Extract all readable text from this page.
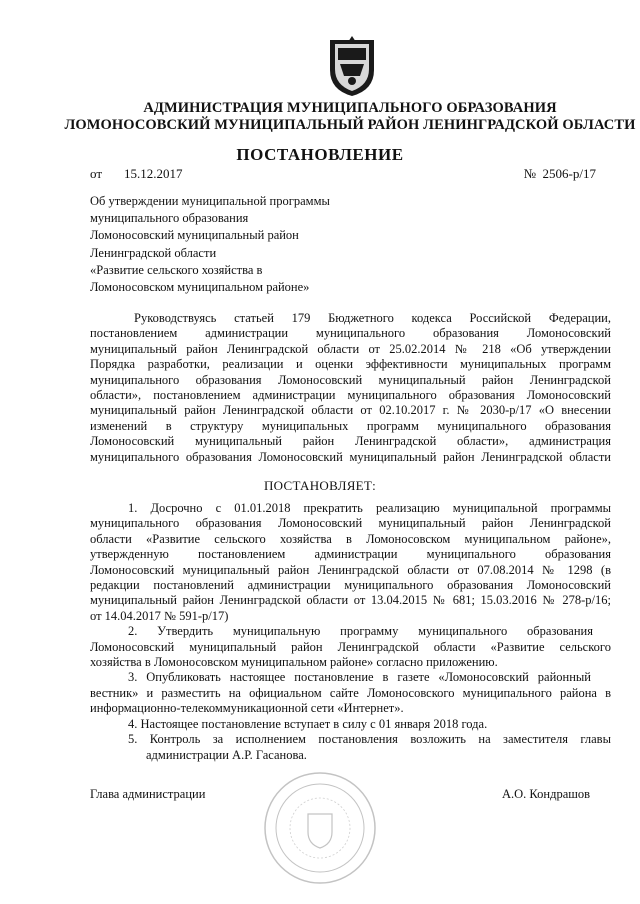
АДМИНИСТРАЦИЯ МУНИЦИПАЛЬНОГО ОБРАЗОВАНИЯ
ЛОМОНОСОВСКИЙ МУНИЦИПАЛЬНЫЙ РАЙОН ЛЕНИНГРАДСКОЙ ОБЛАСТИ
ПОСТАНОВЛЕНИЕ
от 15.12.2017	№  2506-р/17
Об утверждении муниципальной программы
муниципального образования
Ломоносовский муниципальный район
Ленинградской области
«Развитие сельского хозяйства в
Ломоносовском муниципальном районе»
Руководствуясь статьей 179 Бюджетного кодекса Российской Федерации,
постановлением администрации муниципального образования Ломоносовский
муниципальный район Ленинградской области от 25.02.2014 № 218 «Об утверждении
Порядка разработки, реализации и оценки эффективности муниципальных программ
муниципального образования Ломоносовский муниципальный район Ленинградской
области», постановлением администрации муниципального образования Ломоносовский
муниципальный район Ленинградской области от 02.10.2017 г. № 2030-р/17 «О внесении
изменений в структуру муниципальных программ муниципального образования
Ломоносовский муниципальный район Ленинградской области», администрация
муниципального образования Ломоносовский муниципальный район Ленинградской области
ПОСТАНОВЛЯЕТ:
1. Досрочно с 01.01.2018 прекратить реализацию муниципальной программы
муниципального образования Ломоносовский муниципальный район Ленинградской
области «Развитие сельского хозяйства в Ломоносовском муниципальном районе»,
утвержденную постановлением администрации муниципального образования
Ломоносовский муниципальный район Ленинградской области от 07.08.2014 № 1298 (в
редакции постановлений администрации муниципального образования Ломоносовский
муниципальный район Ленинградской области от 13.04.2015 № 681; 15.03.2016 № 278-р/16;
от 14.04.2017 № 591-р/17)
2. Утвердить муниципальную программу муниципального образования
Ломоносовский муниципальный район Ленинградской области «Развитие сельского
хозяйства в Ломоносовском муниципальном районе» согласно приложению.
3. Опубликовать настоящее постановление в газете «Ломоносовский районный
вестник» и разместить на официальном сайте Ломоносовского муниципального района в
информационно-телекоммуникационной сети «Интернет».
4. Настоящее постановление вступает в силу с 01 января 2018 года.
5. Контроль за исполнением постановления возложить на заместителя главы
администрации А.Р. Гасанова.
Глава администрации	А.О. Кондрашов
